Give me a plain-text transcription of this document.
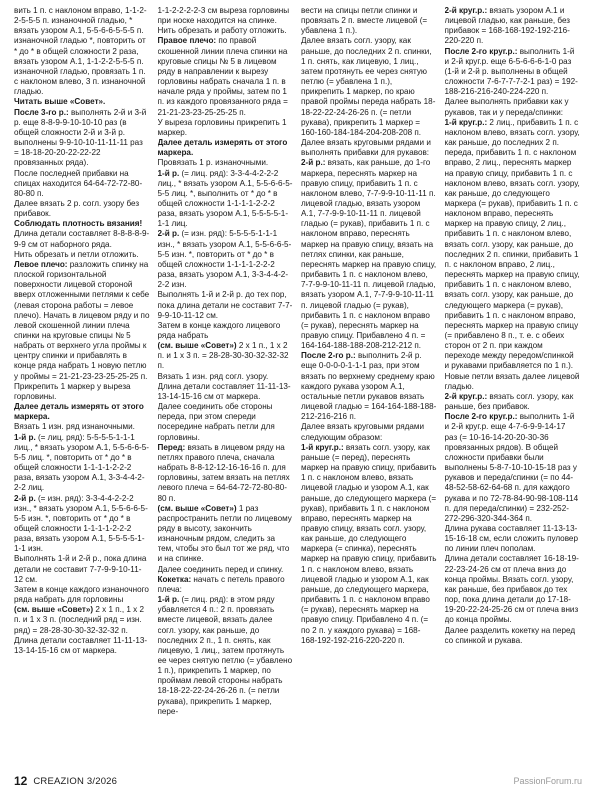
вить 1 п. с наклоном вправо, 1-1-2-2-5-5-5 п. изнаночной гладью, * вязать узором А.1, 5-5-6-6-5-5-5 п. изнаночной гладью *, повторить от * до * в общей сложности 2 раза, вязать узором А.1, 1-1-2-2-5-5-5 п. изнаночной гладью, провязать 1 п. с наклоном влево, 3 п. изнаночной гладью.

Читать выше «Совет».

После 3-го р.: выполнять 2-й и 3-й р. еще 8-8-9-9-10-10-10 раз (в общей сложности 2-й и 3-й р. выполнены 9-9-10-10-11-11-11 раз = 18-18-20-20-22-22-22 провязанных ряда).

После последней прибавки на спицах находится 64-64-72-72-80-80-80 п.

Далее вязать 2 р. согл. узору без прибавок.

Соблюдать плотность вязания!

Длина детали составляет 8-8-8-8-9-9-9 см от наборного ряда.

Нить обрезать и петли отложить.

Левое плечо: разложить спинку на плоской горизонтальной поверхности лицевой стороной вверх отложенными петлями к себе (левая сторона работы = левое плечо). Начать в лицевом ряду и по левой скошенной линии плеча спинки на круговые спицы № 5 набрать от верхнего угла проймы к центру спинки и прибавлять в конце ряда набрать 1 новую петлю у проймы = 21-21-23-23-25-25-25 п.

Прикрепить 1 маркер у выреза горловины.

Далее деталь измерять от этого маркера.

Вязать 1 изн. ряд изнаночными.

1-й р. (= лиц. ряд): 5-5-5-5-1-1-1 лиц., * вязать узором А.1, 5-5-6-6-5-5-5 лиц. *, повторить от * до * в общей сложности 1-1-1-1-2-2-2 раза, вязать узором А.1, 3-3-4-4-2-2-2 лиц.

2-й р. (= изн. ряд): 3-3-4-4-2-2-2 изн., * вязать узором А.1, 5-5-6-6-5-5-5 изн. *, повторить от * до * в общей сложности 1-1-1-1-2-2-2 раза, вязать узором А.1, 5-5-5-5-1-1-1 изн.

Выполнять 1-й и 2-й р., пока длина детали не составит 7-7-9-9-10-11-12 см.

Затем в конце каждого изнаночного ряда набрать для горловины

(см. выше «Совет») 2 х 1 п., 1 х 2 п. и 1 х 3 п. (последний ряд = изн. ряд) = 28-28-30-30-32-32-32 п. Длина детали составляет 11-11-13-13-14-15-16 см от маркера.

1-1-2-2-2-2-3 см выреза горловины при носке находится на спинке. Нить обрезать и работу отложить.

Правое плечо: по правой скошенной линии плеча спинки на круговые спицы № 5 в лицевом ряду в направлении к вырезу горловины набрать сначала 1 п. в начале ряда у проймы, затем по 1 п. из каждого провязанного ряда = 21-21-23-23-25-25-25 п.

У выреза горловины прикрепить 1 маркер.

Далее деталь измерять от этого маркера.

Провязать 1 р. изнаночными.

1-й р. (= лиц. ряд): 3-3-4-4-2-2-2 лиц., * вязать узором А.1, 5-5-6-6-5-5-5 лиц. *, выполнить от * до * в общей сложности 1-1-1-1-2-2-2 раза, вязать узором А.1, 5-5-5-5-1-1-1 лиц.

2-й р. (= изн. ряд): 5-5-5-5-1-1-1 изн., * вязать узором А.1, 5-5-6-6-5-5-5 изн. *, повторить от * до * в общей сложности 1-1-1-1-2-2-2 раза, вязать узором А.1, 3-3-4-4-2-2-2 изн.

Выполнять 1-й и 2-й р. до тех пор, пока длина детали не составит 7-7-9-9-10-11-12 см.

Затем в конце каждого лицевого ряда набрать

(см. выше «Совет») 2 х 1 п., 1 х 2 п. и 1 х 3 п. = 28-28-30-30-32-32-32 п.

Вязать 1 изн. ряд согл. узору. Длина детали составляет 11-11-13-13-14-15-16 см от маркера.

Далее соединить обе стороны переда, при этом спереди посередине набрать петли для горловины.

Перед: вязать в лицевом ряду на петлях правого плеча, сначала набрать 8-8-12-12-16-16-16 п. для горловины, затем вязать на петлях левого плеча = 64-64-72-72-80-80-80 п.

(см. выше «Совет») 1 раз распространить петли по лицевому ряду в высоту, закончить изнаночным рядом, следить за тем, чтобы это был тот же ряд, что и на спинке.

Далее соединить перед и спинку.

Кокетка: начать с петель правого плеча:

1-й р. (= лиц. ряд): в этом ряду убавляется 4 п.: 2 п. провязать вместе лицевой, вязать далее согл. узору, как раньше, до последних 2 п., 1 п. снять, как лицевую, 1 лиц., затем протянуть ее через снятую петлю (= убавлено 1 п.), прикрепить 1 маркер, по проймам левой стороны набрать 18-18-22-22-24-26-26 п. (= петли рукава), прикрепить 1 маркер, пере-

вести на спицы петли спинки и провязать 2 п. вместе лицевой (= убавлена 1 п.).

Далее вязать согл. узору, как раньше, до последних 2 п. спинки, 1 п. снять, как лицевую, 1 лиц., затем протянуть ее через снятую петлю (= убавлена 1 п.), прикрепить 1 маркер, по краю правой проймы переда набрать 18-18-22-22-24-26-26 п. (= петли рукава), прикрепить 1 маркер = 160-160-184-184-204-208-208 п.

Далее вязать круговыми рядами и выполнять прибавки для рукавов:

2-й р.: вязать, как раньше, до 1-го маркера, переснять маркер на правую спицу, прибавить 1 п. с наклоном влево, 7-7-9-9-10-11-11 п. лицевой гладью, вязать узором А.1, 7-7-9-9-10-11-11 п. лицевой гладью (= рукав), прибавить 1 п. с наклоном вправо, переснять маркер на правую спицу, вязать на петлях спинки, как раньше, переснять маркер на правую спицу, прибавить 1 п. с наклоном влево, 7-7-9-9-10-11-11 п. лицевой гладью, вязать узором А.1, 7-7-9-9-10-11-11 п. лицевой гладью (= рукав), прибавить 1 п. с наклоном вправо (= рукав), переснять маркер на правую спицу. Прибавлено 4 п. = 164-164-188-188-208-212-212 п.

После 2-го р.: выполнить 2-й р. еще 0-0-0-0-1-1-1 раз, при этом вязать по верхнему среднему краю каждого рукава узором А.1, остальные петли рукавов вязать лицевой гладью = 164-164-188-188-212-216-216 п.

Далее вязать круговыми рядами следующим образом:

1-й круг.р.: вязать согл. узору, как раньше (= перед), переснять маркер на правую спицу, прибавить 1 п. с наклоном влево, вязать лицевой гладью и узором А.1, как раньше, до следующего маркера (= рукав), прибавить 1 п. с наклоном вправо, переснять маркер на правую спицу, вязать согл. узору, как раньше, до следующего маркера (= спинка), переснять маркер на правую спицу, прибавить 1 п. с наклоном влево, вязать лицевой гладью и узором А.1, как раньше, до следующего маркера, прибавить 1 п. с наклоном вправо (= рукав), переснять маркер на правую спицу. Прибавлено 4 п. (= по 2 п. у каждого рукава) = 168-168-192-192-216-220-220 п.

2-й круг.р.: вязать узором А.1 и лицевой гладью, как раньше, без прибавок = 168-168-192-192-216-220-220 п.

После 2-го круг.р.: выполнить 1-й и 2-й круг.р. еще 6-5-6-6-6-1-0 раз (1-й и 2-й р. выполнены в общей сложности 7-6-7-7-7-2-1 раз) = 192-188-216-216-240-224-220 п.

Далее выполнять прибавки как у рукавов, так и у переда/спинки:

1-й круг.р.: 2 лиц., прибавить 1 п. с наклоном влево, вязать согл. узору, как раньше, до последних 2 п. переда, прибавить 1 п. с наклоном вправо, 2 лиц., переснять маркер на правую спицу, прибавить 1 п. с наклоном влево, вязать согл. узору, как раньше, до следующего маркера (= рукав), прибавить 1 п. с наклоном вправо, переснять маркер на правую спицу, 2 лиц., прибавить 1 п. с наклоном влево, вязать согл. узору, как раньше, до последних 2 п. спинки, прибавить 1 п. с наклоном вправо, 2 лиц., переснять маркер на правую спицу, прибавить 1 п. с наклоном влево, вязать согл. узору, как раньше, до следующего маркера (= рукав), прибавить 1 п. с наклоном вправо, переснять маркер на правую спицу (= прибавлено 8 п., т. е. с обеих сторон от 2 п. при каждом переходе между передом/спинкой и рукавами прибавляется по 1 п.). Новые петли вязать далее лицевой гладью.

2-й круг.р.: вязать согл. узору, как раньше, без прибавок.

После 2-го круг.р.: выполнить 1-й и 2-й круг.р. еще 4-7-6-9-9-14-17 раз (= 10-16-14-20-20-30-36 провязанных рядов). В общей сложности прибавки были выполнены 5-8-7-10-10-15-18 раз у рукавов и переда/спинки (= по 44-48-52-58-62-64-68 п. для каждого рукава и по 72-78-84-90-98-108-114 п. для переда/спинки) = 232-252-272-296-320-344-364 п.

Длина рукава составляет 11-13-13-15-16-18 см, если сложить пуловер по линии плеч пополам.

Длина детали составляет 16-18-19-22-23-24-26 см от плеча вниз до конца проймы. Вязать согл. узору, как раньше, без прибавок до тех пор, пока длина детали до 17-18-19-20-22-24-25-26 см от плеча вниз до конца проймы.

Далее разделить кокетку на перед со спинкой и рукава.

12 CREAZION 3/2026	PassionForum.ru
